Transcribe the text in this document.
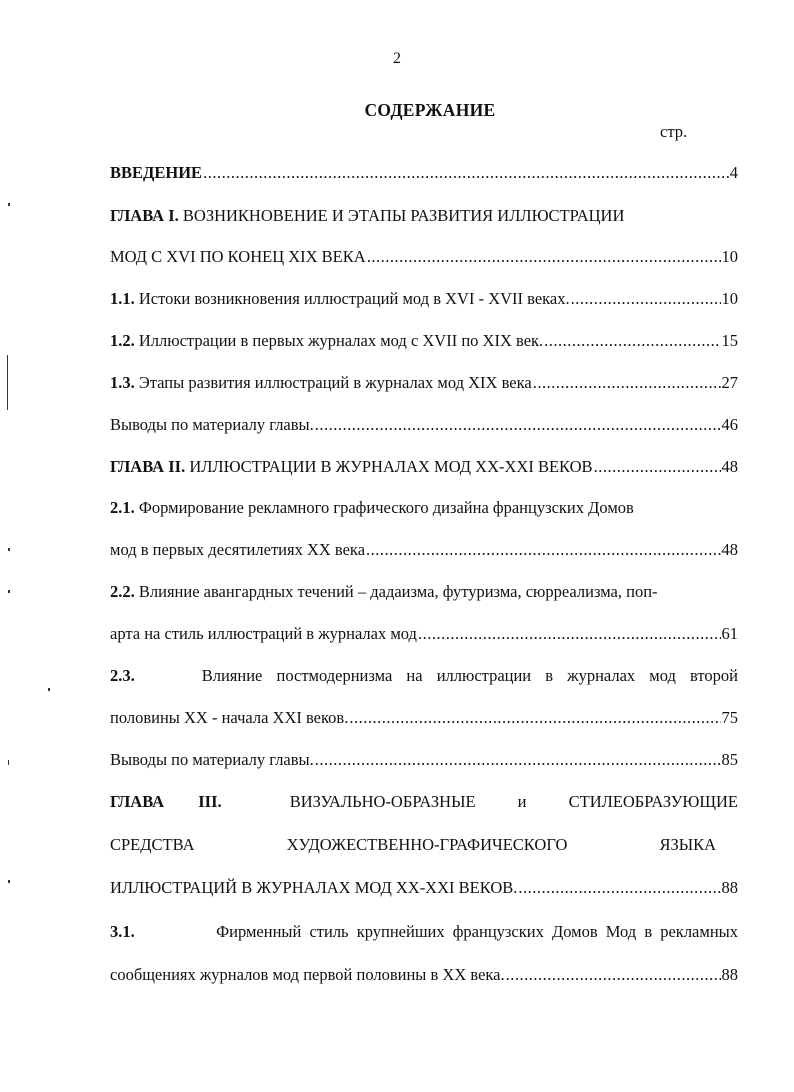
2
СОДЕРЖАНИЕ
стр.
ВВЕДЕНИЕ .....	4
ГЛАВА I. ВОЗНИКНОВЕНИЕ И ЭТАПЫ РАЗВИТИЯ ИЛЛЮСТРАЦИИ
МОД С XVI ПО КОНЕЦ XIX ВЕКА .....	10
1.1. Истоки возникновения иллюстраций мод в XVI - XVII веках. .....	10
1.2. Иллюстрации в первых журналах мод с XVII по XIX век. .....	15
1.3. Этапы развития иллюстраций в журналах мод XIX века .....	27
Выводы по материалу главы. .....	46
ГЛАВА II. ИЛЛЮСТРАЦИИ В ЖУРНАЛАХ МОД XX-XXI ВЕКОВ .....	48
2.1. Формирование рекламного графического дизайна французских Домов
мод в первых десятилетиях XX века .....	48
2.2. Влияние авангардных течений – дадаизма, футуризма, сюрреализма, поп-
арта на стиль иллюстраций в журналах мод .....	61
2.3.	Влияние постмодернизма на иллюстрации в журналах мод второй
половины XX - начала XXI веков. .....	75
Выводы по материалу главы. .....	85
ГЛАВА III.	ВИЗУАЛЬНО-ОБРАЗНЫЕ и СТИЛЕОБРАЗУЮЩИЕ
СРЕДСТВА ХУДОЖЕСТВЕННО-ГРАФИЧЕСКОГО ЯЗЫКА
ИЛЛЮСТРАЦИЙ В ЖУРНАЛАХ МОД XX-XXI ВЕКОВ. .....	88
3.1.	Фирменный стиль крупнейших французских Домов Мод в рекламных
сообщениях журналов мод первой половины в XX века. .....	88
